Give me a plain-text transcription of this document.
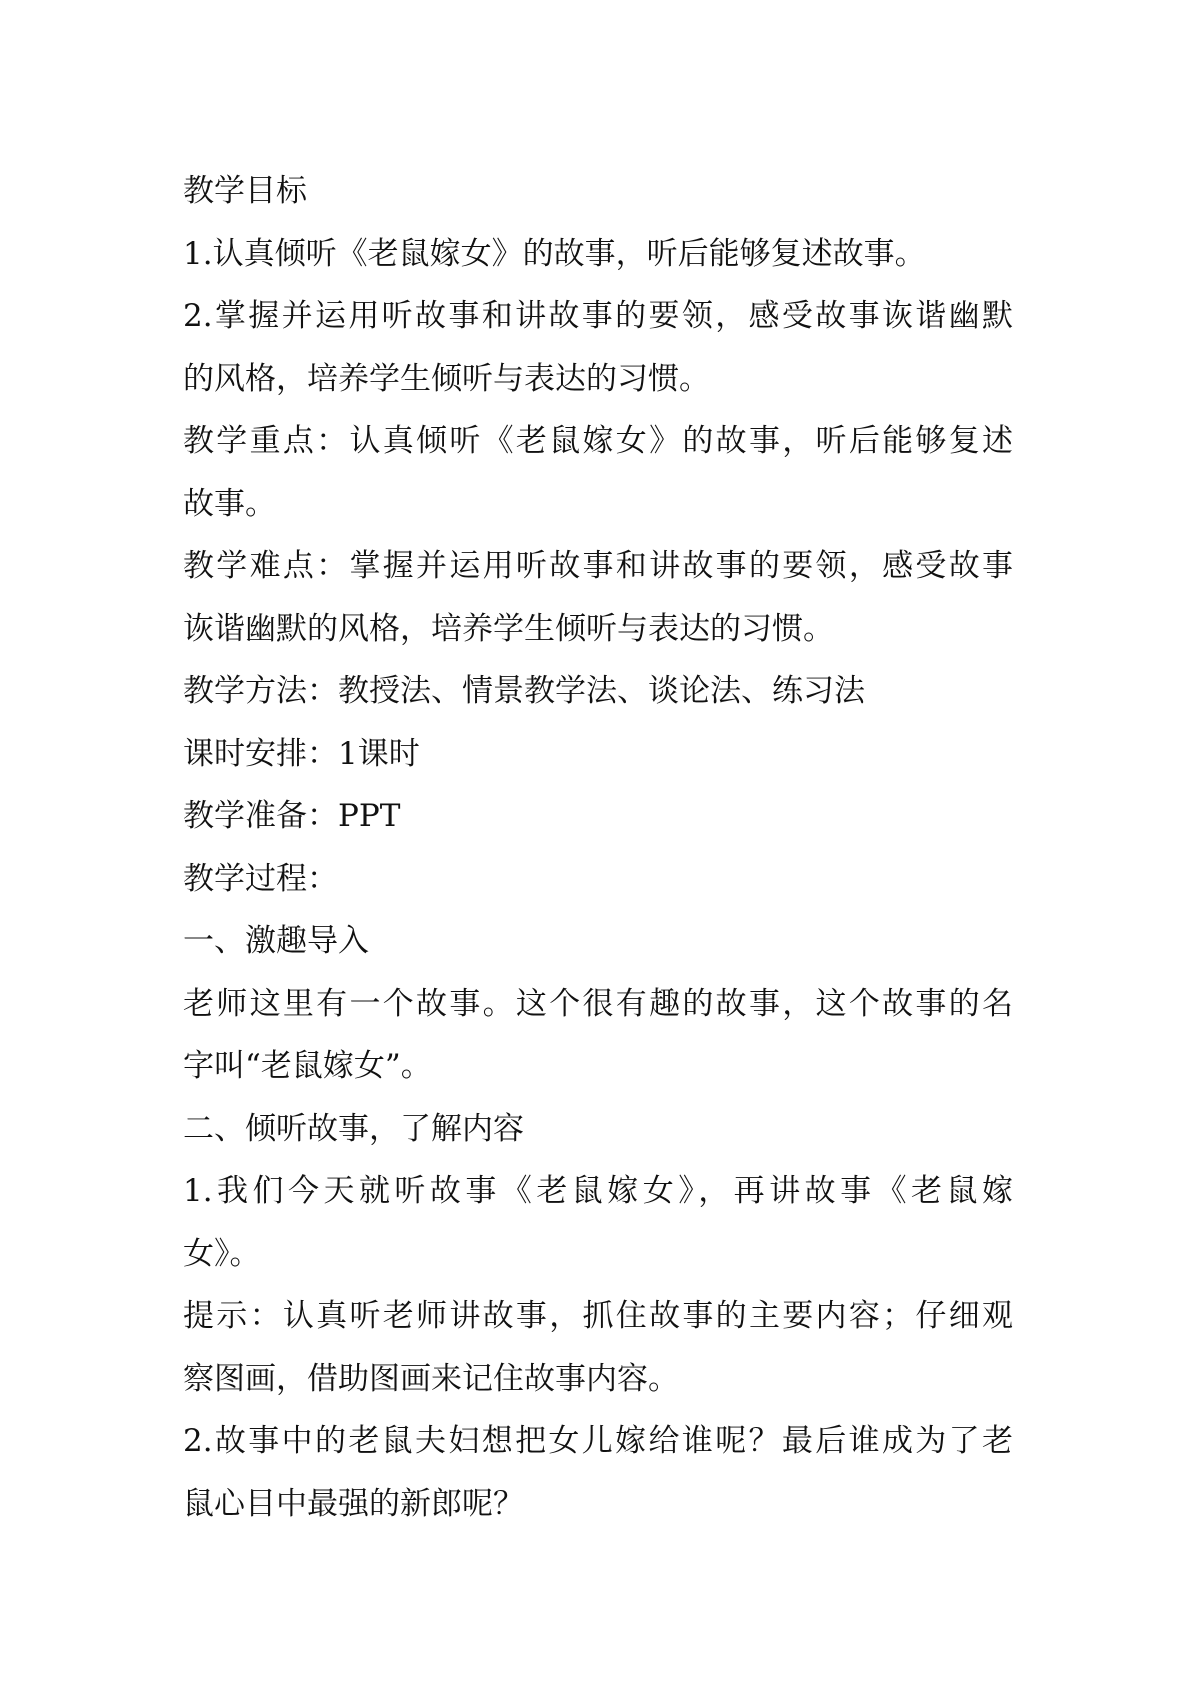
教学目标

1.认真倾听《老鼠嫁女》的故事，听后能够复述故事。

2.掌握并运用听故事和讲故事的要领，感受故事诙谐幽默

的风格，培养学生倾听与表达的习惯。

教学重点：认真倾听《老鼠嫁女》的故事，听后能够复述

故事。

教学难点：掌握并运用听故事和讲故事的要领，感受故事

诙谐幽默的风格，培养学生倾听与表达的习惯。

教学方法：教授法、情景教学法、谈论法、练习法

课时安排：1课时

教学准备：PPT

教学过程：

一、激趣导入

老师这里有一个故事。这个很有趣的故事，这个故事的名

字叫“老鼠嫁女”。

二、倾听故事，了解内容

1.我们今天就听故事《老鼠嫁女》，再讲故事《老鼠嫁

女》。

提示：认真听老师讲故事，抓住故事的主要内容；仔细观

察图画，借助图画来记住故事内容。

2.故事中的老鼠夫妇想把女儿嫁给谁呢？最后谁成为了老

鼠心目中最强的新郎呢？
